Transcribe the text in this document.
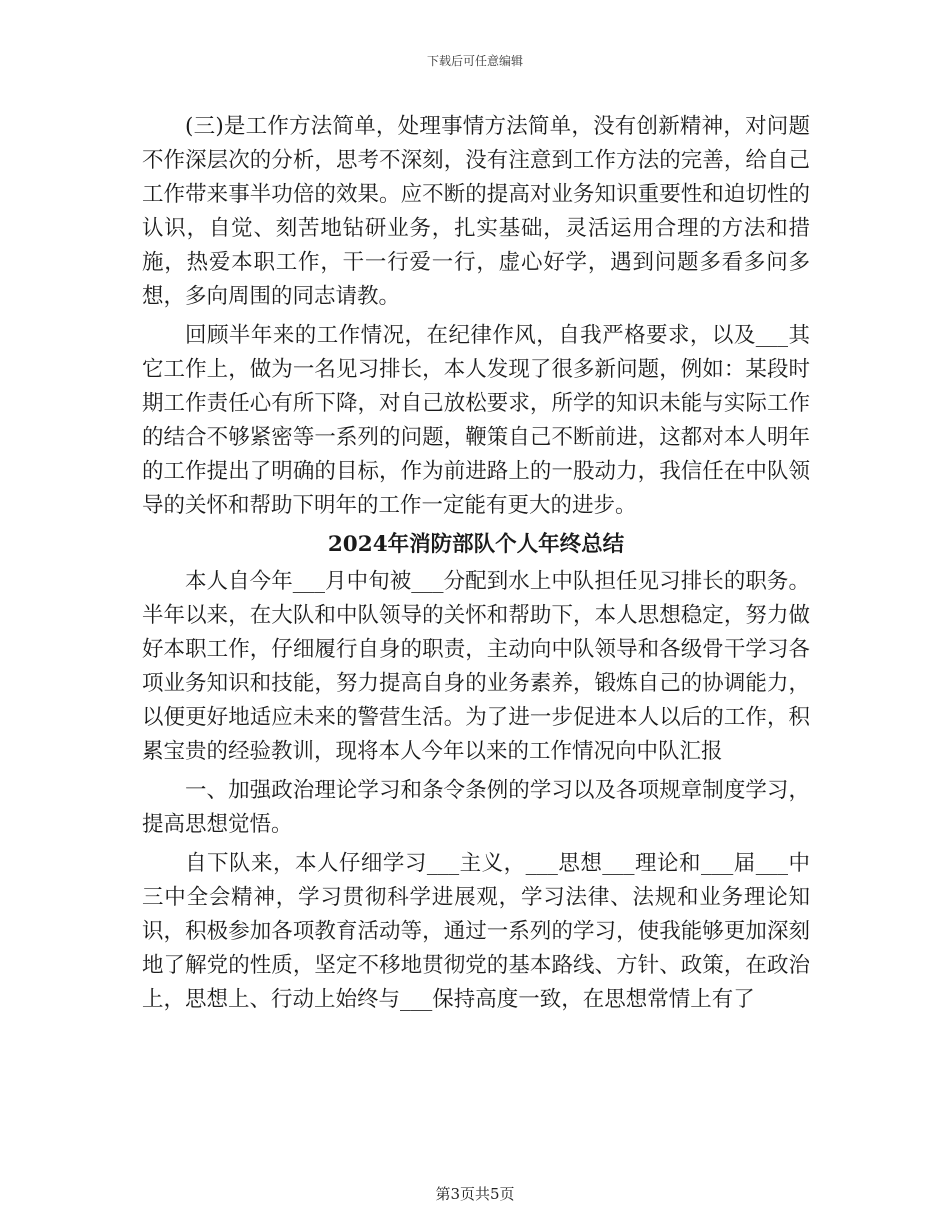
下载后可任意编辑

(三)是工作方法简单，处理事情方法简单，没有创新精神，对问题不作深层次的分析，思考不深刻，没有注意到工作方法的完善，给自己工作带来事半功倍的效果。应不断的提高对业务知识重要性和迫切性的认识，自觉、刻苦地钻研业务，扎实基础，灵活运用合理的方法和措施，热爱本职工作，干一行爱一行，虚心好学，遇到问题多看多问多想，多向周围的同志请教。

回顾半年来的工作情况，在纪律作风，自我严格要求，以及___其它工作上，做为一名见习排长，本人发现了很多新问题，例如：某段时期工作责任心有所下降，对自己放松要求，所学的知识未能与实际工作的结合不够紧密等一系列的问题，鞭策自己不断前进，这都对本人明年的工作提出了明确的目标，作为前进路上的一股动力，我信任在中队领导的关怀和帮助下明年的工作一定能有更大的进步。

2024年消防部队个人年终总结

本人自今年___月中旬被___分配到水上中队担任见习排长的职务。半年以来，在大队和中队领导的关怀和帮助下，本人思想稳定，努力做好本职工作，仔细履行自身的职责，主动向中队领导和各级骨干学习各项业务知识和技能，努力提高自身的业务素养，锻炼自己的协调能力，以便更好地适应未来的警营生活。为了进一步促进本人以后的工作，积累宝贵的经验教训，现将本人今年以来的工作情况向中队汇报

一、加强政治理论学习和条令条例的学习以及各项规章制度学习，提高思想觉悟。

自下队来，本人仔细学习___主义，___思想___理论和___届___中三中全会精神，学习贯彻科学进展观，学习法律、法规和业务理论知识，积极参加各项教育活动等，通过一系列的学习，使我能够更加深刻地了解党的性质，坚定不移地贯彻党的基本路线、方针、政策，在政治上，思想上、行动上始终与___保持高度一致，在思想常情上有了

第3页共5页
